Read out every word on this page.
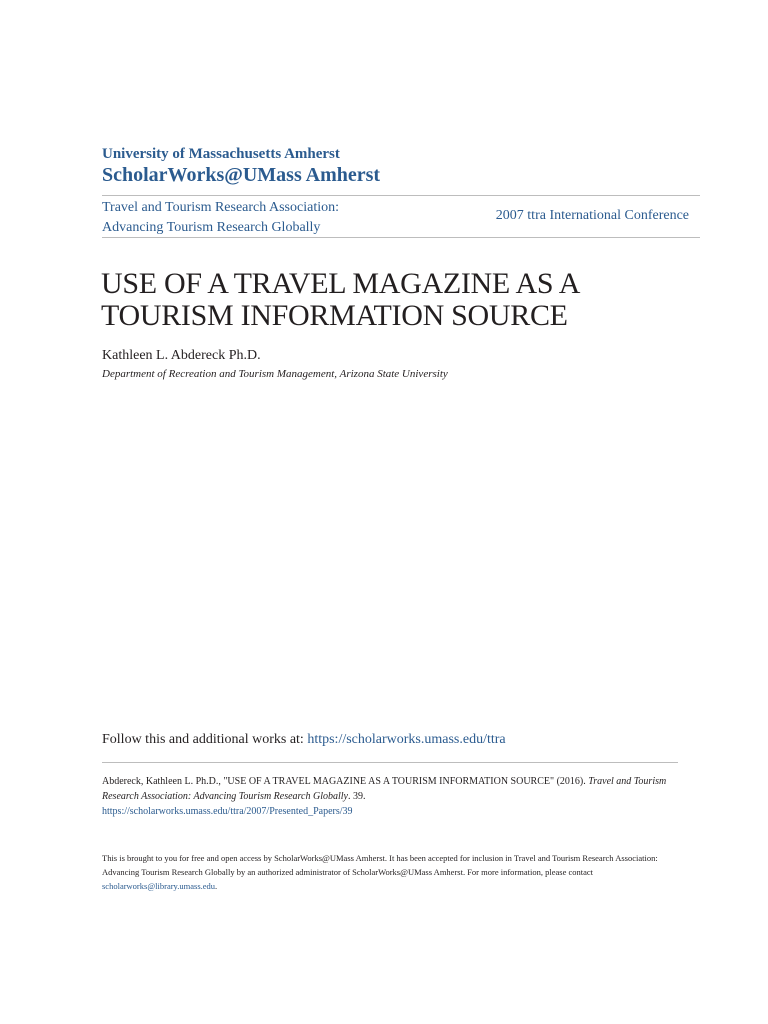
University of Massachusetts Amherst
ScholarWorks@UMass Amherst
Travel and Tourism Research Association:
Advancing Tourism Research Globally
2007 ttra International Conference
USE OF A TRAVEL MAGAZINE AS A
TOURISM INFORMATION SOURCE
Kathleen L. Abdereck Ph.D.
Department of Recreation and Tourism Management, Arizona State University
Follow this and additional works at: https://scholarworks.umass.edu/ttra
Abdereck, Kathleen L. Ph.D., "USE OF A TRAVEL MAGAZINE AS A TOURISM INFORMATION SOURCE" (2016). Travel and Tourism Research Association: Advancing Tourism Research Globally. 39.
https://scholarworks.umass.edu/ttra/2007/Presented_Papers/39
This is brought to you for free and open access by ScholarWorks@UMass Amherst. It has been accepted for inclusion in Travel and Tourism Research Association: Advancing Tourism Research Globally by an authorized administrator of ScholarWorks@UMass Amherst. For more information, please contact scholarworks@library.umass.edu.
